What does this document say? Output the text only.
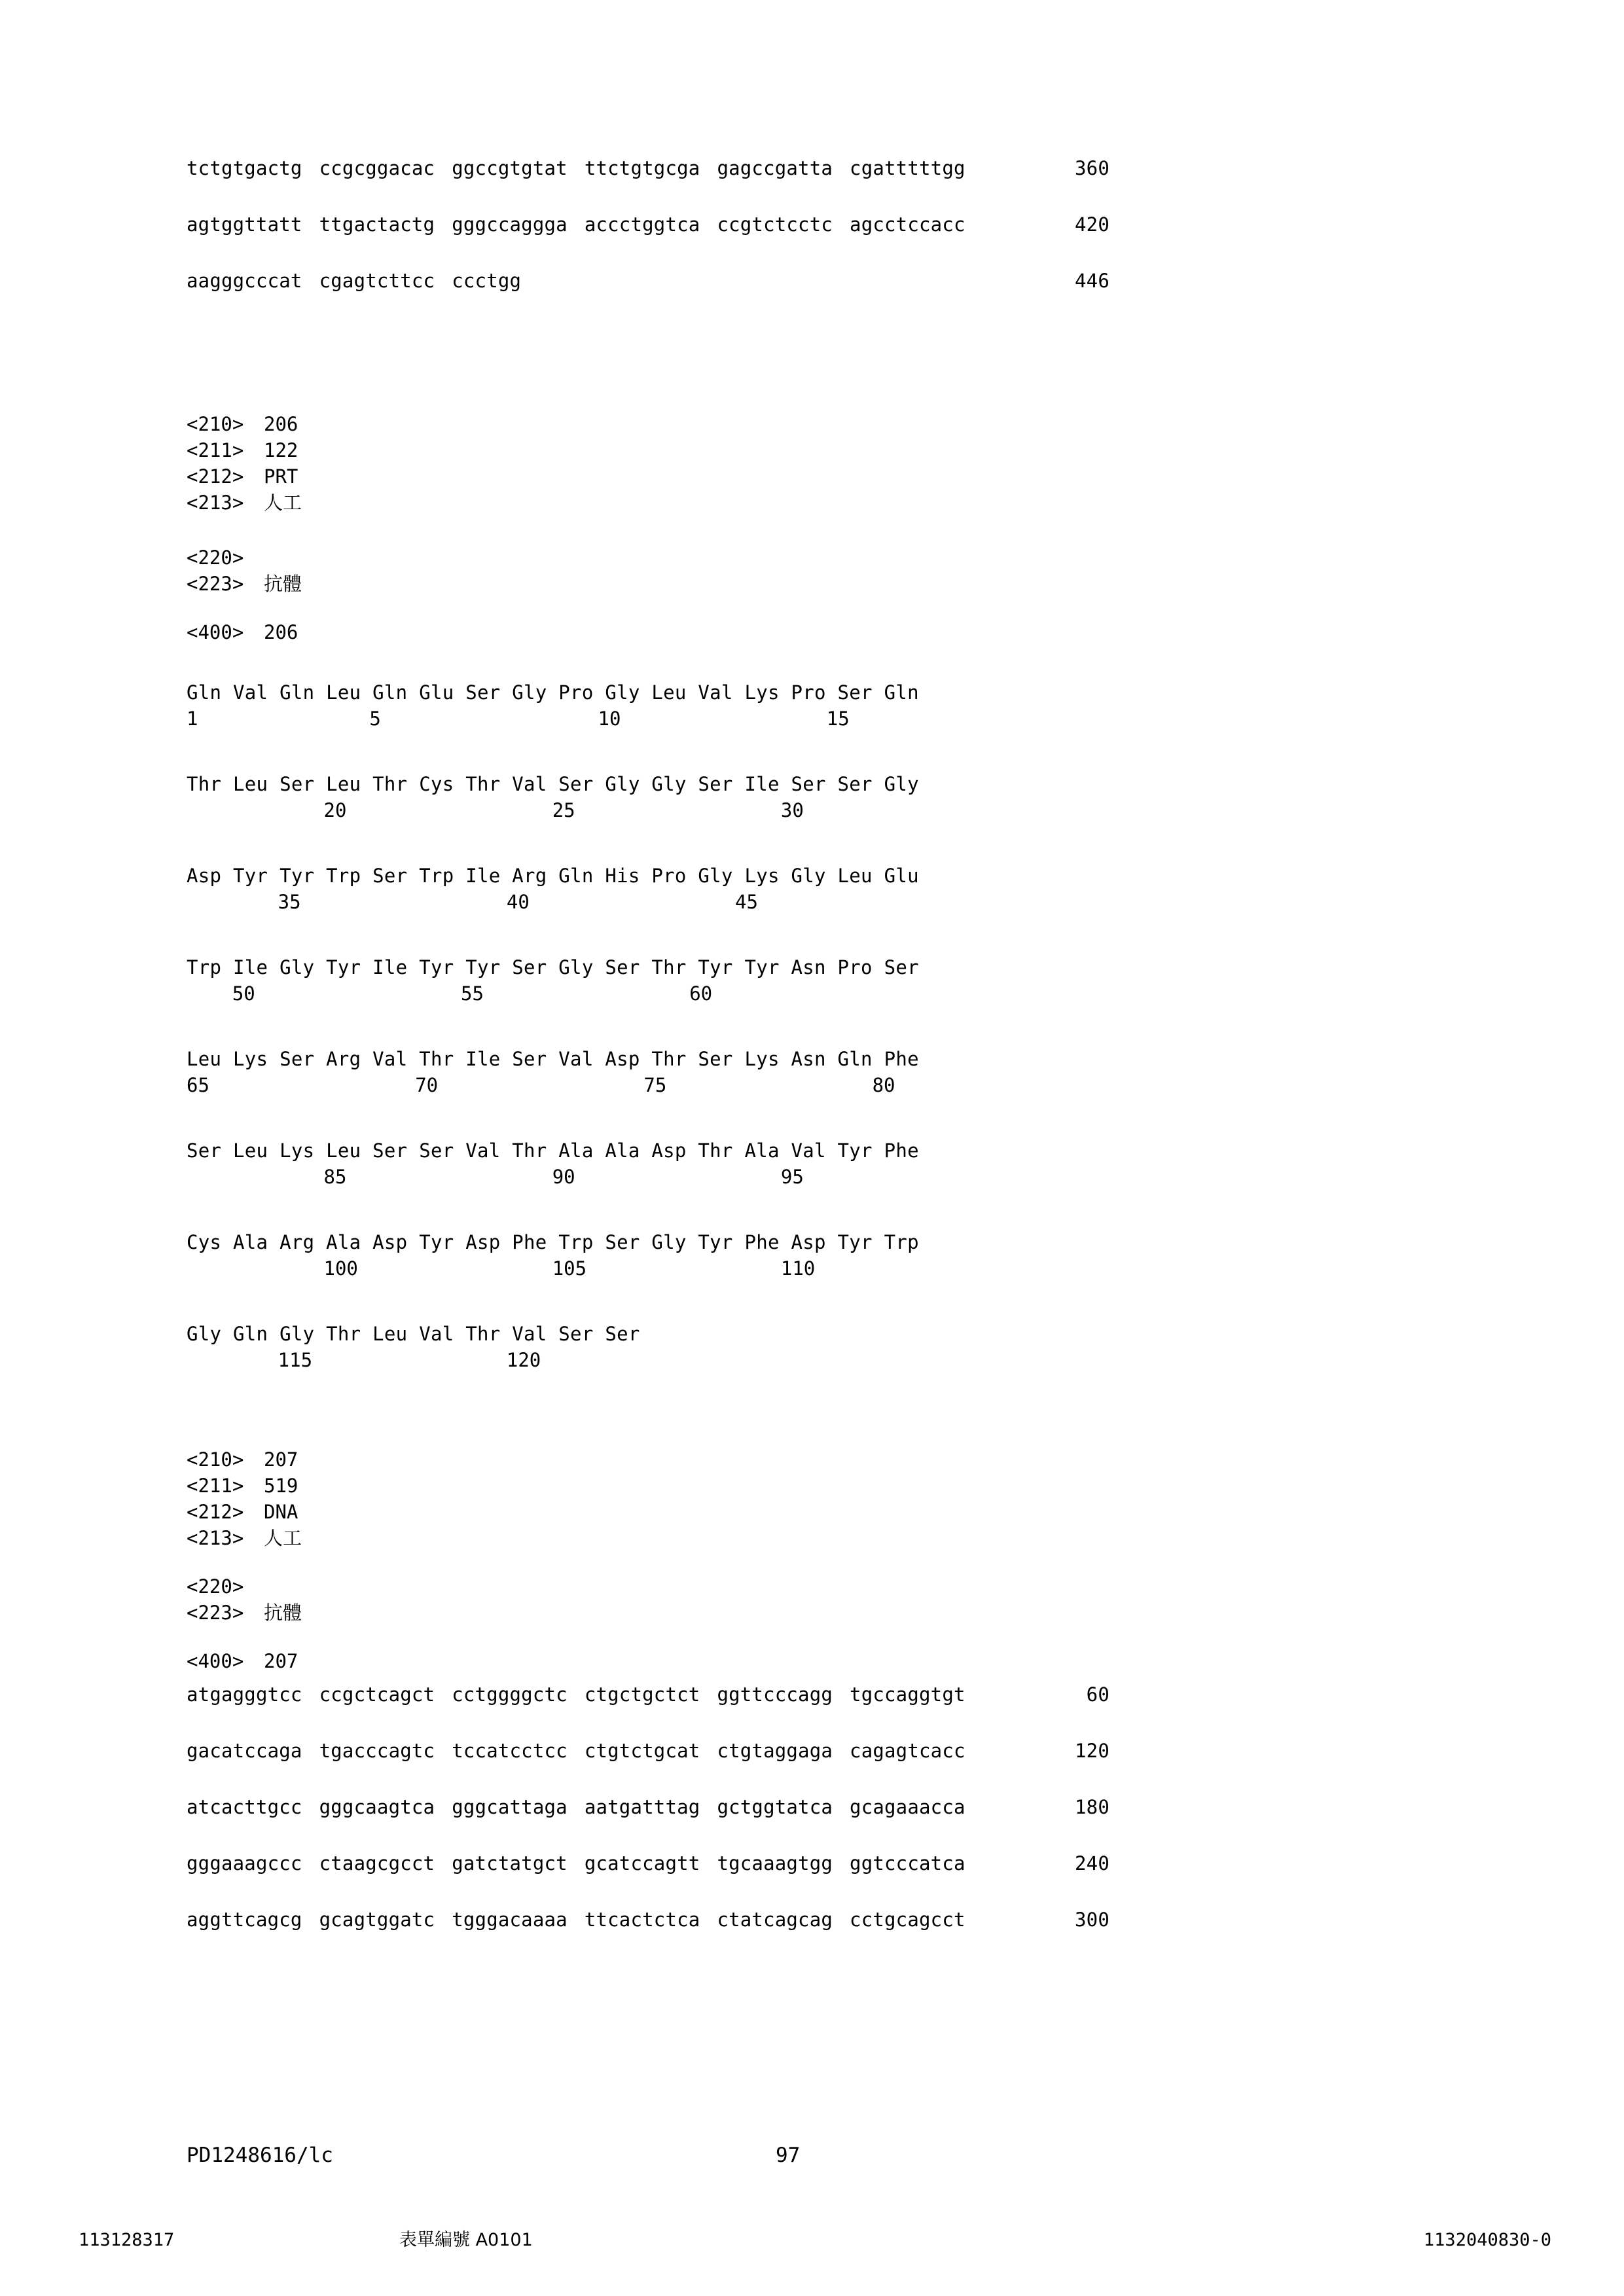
tctgtgactg ccgcggacac ggccgtgtat ttctgtgcga gagccgatta cgatttttgg	360
agtggttatt ttgactactg gggccaggga accctggtca ccgtctcctc agcctccacc	420
aagggcccat cgagtcttcc ccctgg	446
<210>	206
<211>	122
<212>	PRT
<213>	人工
<220>
<223>	抗體
<400>	206
Gln Val Gln Leu Gln Glu Ser Gly Pro Gly Leu Val Lys Pro Ser Gln
1               5                   10                  15
Thr Leu Ser Leu Thr Cys Thr Val Ser Gly Gly Ser Ile Ser Ser Gly
20                  25                  30
Asp Tyr Tyr Trp Ser Trp Ile Arg Gln His Pro Gly Lys Gly Leu Glu
35                  40                  45
Trp Ile Gly Tyr Ile Tyr Tyr Ser Gly Ser Thr Tyr Tyr Asn Pro Ser
50                  55                  60
Leu Lys Ser Arg Val Thr Ile Ser Val Asp Thr Ser Lys Asn Gln Phe
65                  70                  75                  80
Ser Leu Lys Leu Ser Ser Val Thr Ala Ala Asp Thr Ala Val Tyr Phe
85                  90                  95
Cys Ala Arg Ala Asp Tyr Asp Phe Trp Ser Gly Tyr Phe Asp Tyr Trp
100                 105                 110
Gly Gln Gly Thr Leu Val Thr Val Ser Ser
115                 120
<210>	207
<211>	519
<212>	DNA
<213>	人工
<220>
<223>	抗體
<400>	207
atgagggtcc ccgctcagct cctggggctc ctgctgctct ggttcccagg tgccaggtgt	60
gacatccaga tgacccagtc tccatcctcc ctgtctgcat ctgtaggaga cagagtcacc	120
atcacttgcc gggcaagtca gggcattaga aatgatttag gctggtatca gcagaaacca	180
gggaaagccc ctaagcgcct gatctatgct gcatccagtt tgcaaagtgg ggtcccatca	240
aggttcagcg gcagtggatc tgggacaaaa ttcactctca ctatcagcag cctgcagcct	300
PD1248616/lc	97
113128317	表單編號 A0101	1132040830-0
